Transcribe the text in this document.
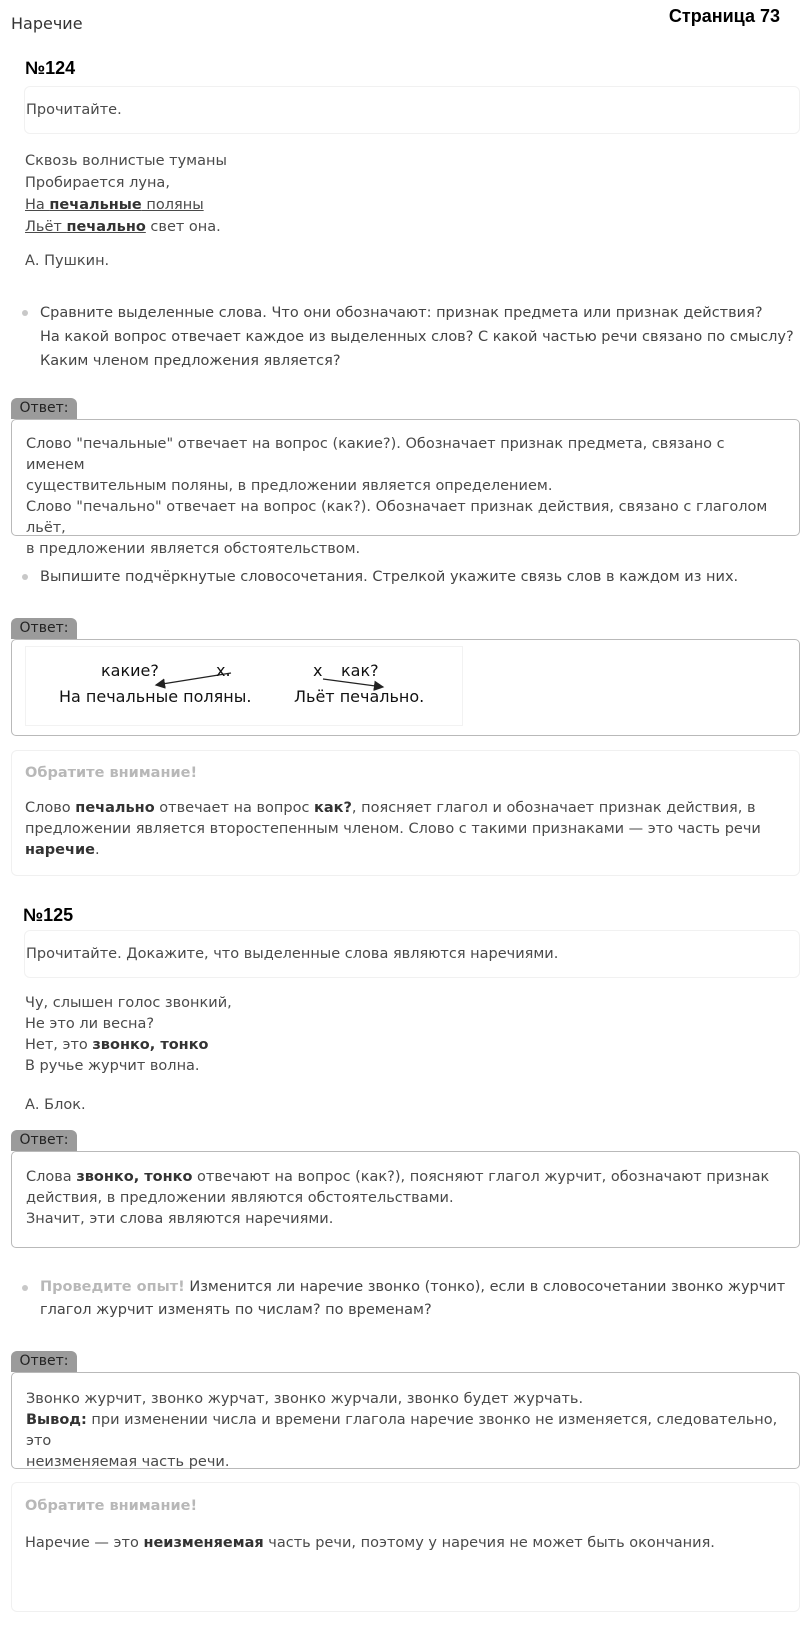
Наречие	Страница 73
№124
Прочитайте.
Сквозь волнистые туманы
Пробирается луна,
На печальные поляны
Льёт печально свет она.
А. Пушкин.
Сравните выделенные слова. Что они обозначают: признак предмета или признак действия?
На какой вопрос отвечает каждое из выделенных слов? С какой частью речи связано по смыслу?
Каким членом предложения является?
Ответ:
Слово "печальные" отвечает на вопрос (какие?). Обозначает признак предмета, связано с именем
существительным поляны, в предложении является определением.
Слово "печально" отвечает на вопрос (как?). Обозначает признак действия, связано с глаголом льёт,
в предложении является обстоятельством.
Выпишите подчёркнутые словосочетания. Стрелкой укажите связь слов в каждом из них.
Ответ:
какие?	х.
На печальные поляны.
х как?
Льёт печально.
Обратите внимание!
Слово печально отвечает на вопрос как?, поясняет глагол и обозначает признак действия, в
предложении является второстепенным членом. Слово с такими признаками — это часть речи
наречие.
№125
Прочитайте. Докажите, что выделенные слова являются наречиями.
Чу, слышен голос звонкий,
Не это ли весна?
Нет, это звонко, тонко
В ручье журчит волна.
А. Блок.
Ответ:
Слова звонко, тонко отвечают на вопрос (как?), поясняют глагол журчит, обозначают признак
действия, в предложении являются обстоятельствами.
Значит, эти слова являются наречиями.
Проведите опыт! Изменится ли наречие звонко (тонко), если в словосочетании звонко журчит
глагол журчит изменять по числам? по временам?
Ответ:
Звонко журчит, звонко журчат, звонко журчали, звонко будет журчать.
Вывод: при изменении числа и времени глагола наречие звонко не изменяется, следовательно, это
неизменяемая часть речи.
Обратите внимание!
Наречие — это неизменяемая часть речи, поэтому у наречия не может быть окончания.
